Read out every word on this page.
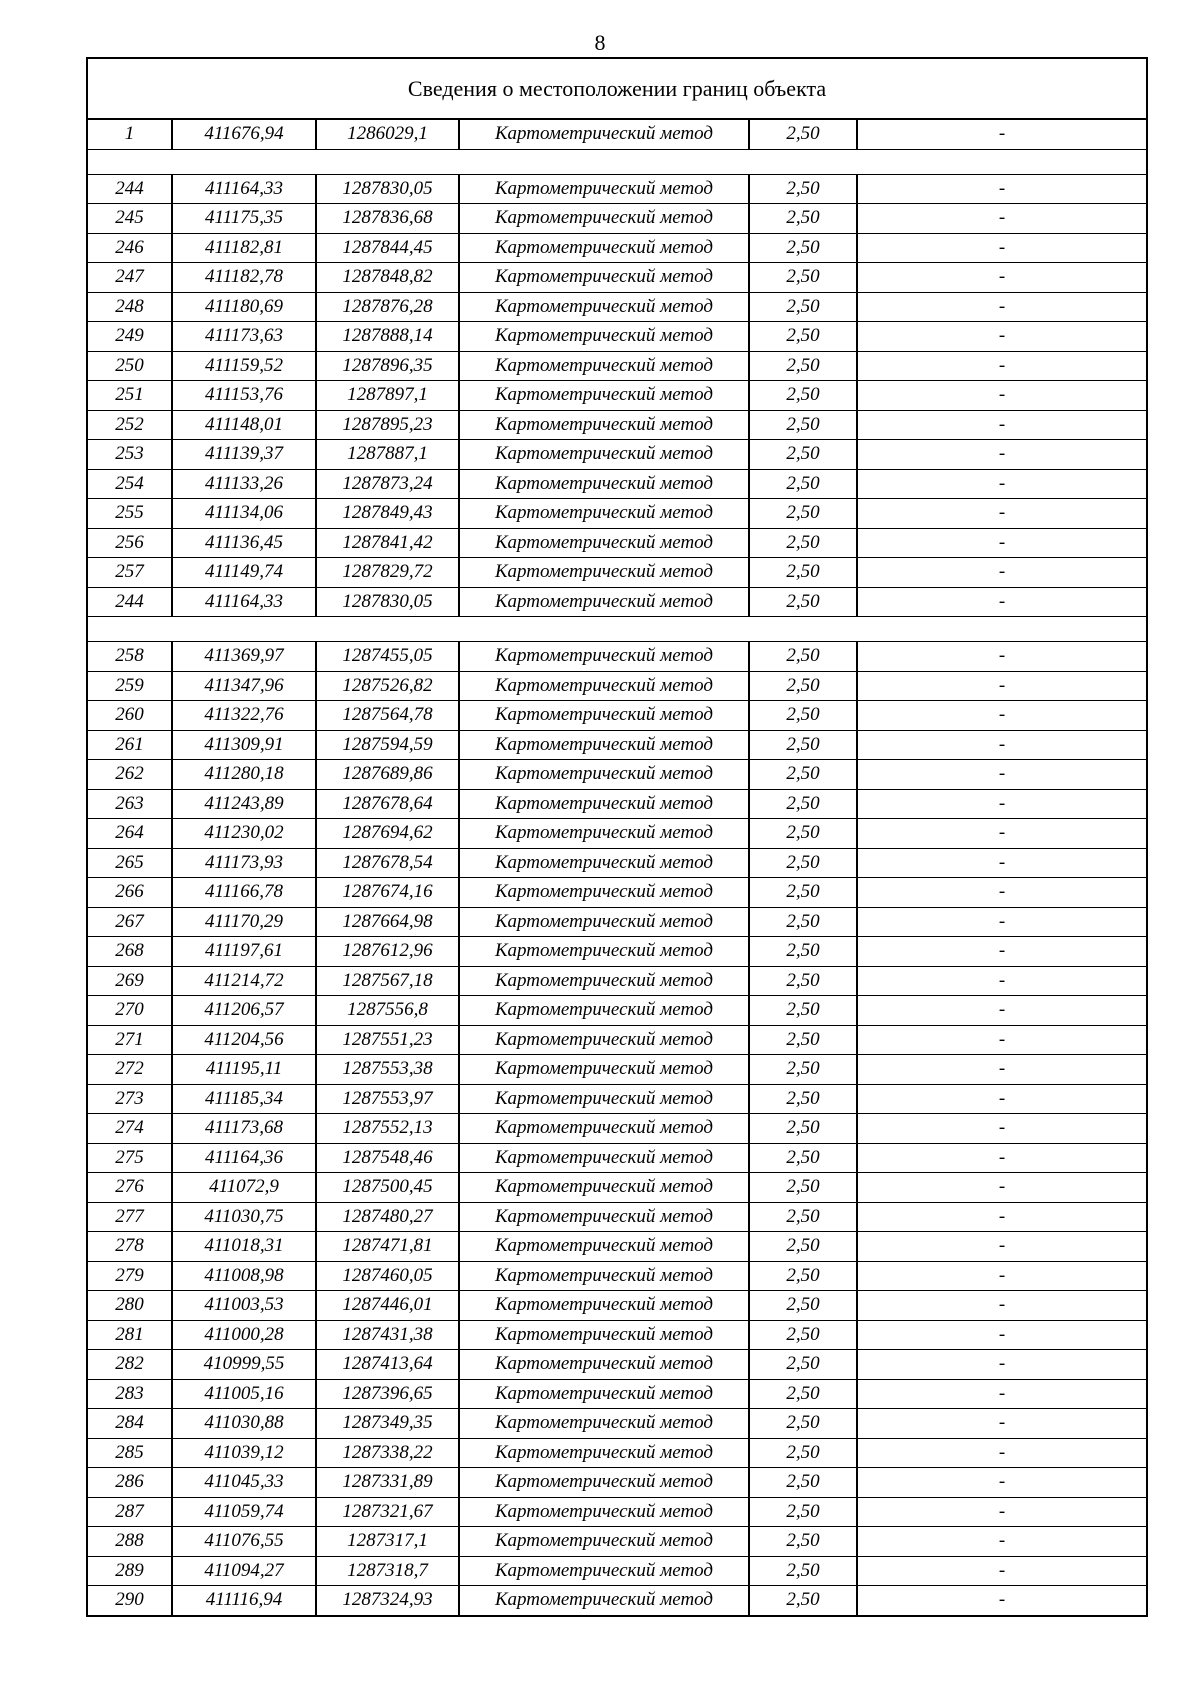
8
Сведения о местоположении границ объекта					
1	411676,94	1286029,1	Картометрический метод	2,50	-

244	411164,33	1287830,05	Картометрический метод	2,50	-
245	411175,35	1287836,68	Картометрический метод	2,50	-
246	411182,81	1287844,45	Картометрический метод	2,50	-
247	411182,78	1287848,82	Картометрический метод	2,50	-
248	411180,69	1287876,28	Картометрический метод	2,50	-
249	411173,63	1287888,14	Картометрический метод	2,50	-
250	411159,52	1287896,35	Картометрический метод	2,50	-
251	411153,76	1287897,1	Картометрический метод	2,50	-
252	411148,01	1287895,23	Картометрический метод	2,50	-
253	411139,37	1287887,1	Картометрический метод	2,50	-
254	411133,26	1287873,24	Картометрический метод	2,50	-
255	411134,06	1287849,43	Картометрический метод	2,50	-
256	411136,45	1287841,42	Картометрический метод	2,50	-
257	411149,74	1287829,72	Картометрический метод	2,50	-
244	411164,33	1287830,05	Картометрический метод	2,50	-

258	411369,97	1287455,05	Картометрический метод	2,50	-
259	411347,96	1287526,82	Картометрический метод	2,50	-
260	411322,76	1287564,78	Картометрический метод	2,50	-
261	411309,91	1287594,59	Картометрический метод	2,50	-
262	411280,18	1287689,86	Картометрический метод	2,50	-
263	411243,89	1287678,64	Картометрический метод	2,50	-
264	411230,02	1287694,62	Картометрический метод	2,50	-
265	411173,93	1287678,54	Картометрический метод	2,50	-
266	411166,78	1287674,16	Картометрический метод	2,50	-
267	411170,29	1287664,98	Картометрический метод	2,50	-
268	411197,61	1287612,96	Картометрический метод	2,50	-
269	411214,72	1287567,18	Картометрический метод	2,50	-
270	411206,57	1287556,8	Картометрический метод	2,50	-
271	411204,56	1287551,23	Картометрический метод	2,50	-
272	411195,11	1287553,38	Картометрический метод	2,50	-
273	411185,34	1287553,97	Картометрический метод	2,50	-
274	411173,68	1287552,13	Картометрический метод	2,50	-
275	411164,36	1287548,46	Картометрический метод	2,50	-
276	411072,9	1287500,45	Картометрический метод	2,50	-
277	411030,75	1287480,27	Картометрический метод	2,50	-
278	411018,31	1287471,81	Картометрический метод	2,50	-
279	411008,98	1287460,05	Картометрический метод	2,50	-
280	411003,53	1287446,01	Картометрический метод	2,50	-
281	411000,28	1287431,38	Картометрический метод	2,50	-
282	410999,55	1287413,64	Картометрический метод	2,50	-
283	411005,16	1287396,65	Картометрический метод	2,50	-
284	411030,88	1287349,35	Картометрический метод	2,50	-
285	411039,12	1287338,22	Картометрический метод	2,50	-
286	411045,33	1287331,89	Картометрический метод	2,50	-
287	411059,74	1287321,67	Картометрический метод	2,50	-
288	411076,55	1287317,1	Картометрический метод	2,50	-
289	411094,27	1287318,7	Картометрический метод	2,50	-
290	411116,94	1287324,93	Картометрический метод	2,50	-
